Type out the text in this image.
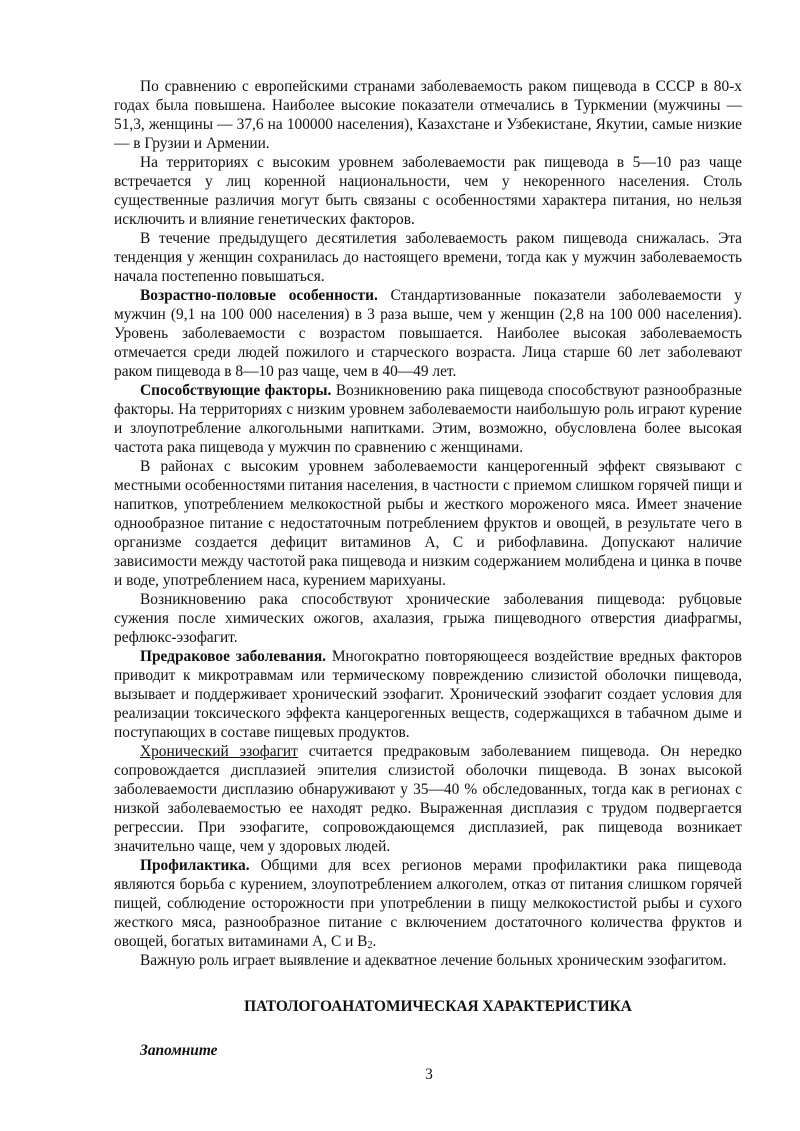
По сравнению с европейскими странами заболеваемость раком пищевода в СССР в 80-х годах была повышена. Наиболее высокие показатели отмечались в Туркмении (мужчины — 51,3, женщины — 37,6 на 100000 населения), Казахстане и Узбекистане, Якутии, самые низкие — в Грузии и Армении.

На территориях с высоким уровнем заболеваемости рак пищевода в 5—10 раз чаще встречается у лиц коренной национальности, чем у некоренного населения. Столь существенные различия могут быть связаны с особенностями характера питания, но нельзя исключить и влияние генетических факторов.

В течение предыдущего десятилетия заболеваемость раком пищевода снижалась. Эта тенденция у женщин сохранилась до настоящего времени, тогда как у мужчин заболеваемость начала постепенно повышаться.

Возрастно-половые особенности. Стандартизованные показатели заболеваемости у мужчин (9,1 на 100 000 населения) в 3 раза выше, чем у женщин (2,8 на 100 000 населения). Уровень заболеваемости с возрастом повышается. Наиболее высокая заболеваемость отмечается среди людей пожилого и старческого возраста. Лица старше 60 лет заболевают раком пищевода в 8—10 раз чаще, чем в 40—49 лет.

Способствующие факторы. Возникновению рака пищевода способствуют разнообразные факторы. На территориях с низким уровнем заболеваемости наибольшую роль играют курение и злоупотребление алкогольными напитками. Этим, возможно, обусловлена более высокая частота рака пищевода у мужчин по сравнению с женщинами.

В районах с высоким уровнем заболеваемости канцерогенный эффект связывают с местными особенностями питания населения, в частности с приемом слишком горячей пищи и напитков, употреблением мелкокостной рыбы и жесткого мороженого мяса. Имеет значение однообразное питание с недостаточным потреблением фруктов и овощей, в результате чего в организме создается дефицит витаминов А, С и рибофлавина. Допускают наличие зависимости между частотой рака пищевода и низким содержанием молибдена и цинка в почве и воде, употреблением наса, курением марихуаны.

Возникновению рака способствуют хронические заболевания пищевода: рубцовые сужения после химических ожогов, ахалазия, грыжа пищеводного отверстия диафрагмы, рефлюкс-эзофагит.

Предраковое заболевания. Многократно повторяющееся воздействие вредных факторов приводит к микротравмам или термическому повреждению слизистой оболочки пищевода, вызывает и поддерживает хронический эзофагит. Хронический эзофагит создает условия для реализации токсического эффекта канцерогенных веществ, содержащихся в табачном дыме и поступающих в составе пищевых продуктов.

Хронический эзофагит считается предраковым заболеванием пищевода. Он нередко сопровождается дисплазией эпителия слизистой оболочки пищевода. В зонах высокой заболеваемости дисплазию обнаруживают у 35—40 % обследованных, тогда как в регионах с низкой заболеваемостью ее находят редко. Выраженная дисплазия с трудом подвергается регрессии. При эзофагите, сопровождающемся дисплазией, рак пищевода возникает значительно чаще, чем у здоровых людей.

Профилактика. Общими для всех регионов мерами профилактики рака пищевода являются борьба с курением, злоупотреблением алкоголем, отказ от питания слишком горячей пищей, соблюдение осторожности при употреблении в пищу мелкокостистой рыбы и сухого жесткого мяса, разнообразное питание с включением достаточного количества фруктов и овощей, богатых витаминами А, С и $В_2$.

Важную роль играет выявление и адекватное лечение больных хроническим эзофагитом.

ПАТОЛОГОАНАТОМИЧЕСКАЯ ХАРАКТЕРИСТИКА
Запомните
3
